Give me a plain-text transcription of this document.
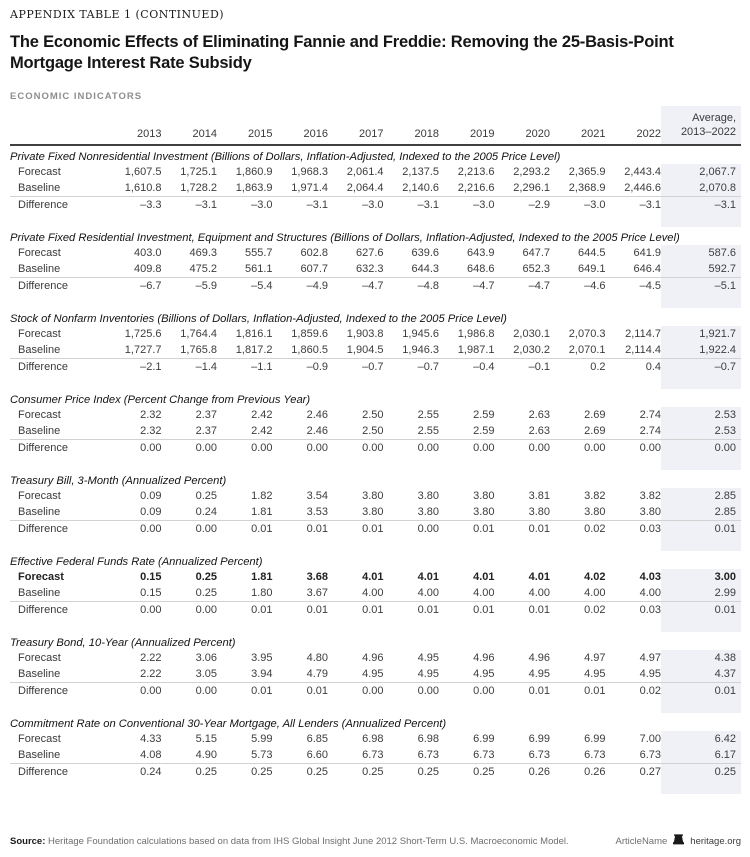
APPENDIX TABLE 1 (CONTINUED)
The Economic Effects of Eliminating Fannie and Freddie: Removing the 25-Basis-Point Mortgage Interest Rate Subsidy
ECONOMIC INDICATORS
	2013	2014	2015	2016	2017	2018	2019	2020	2021	2022	Average,
2013–2022

Private Fixed Nonresidential Investment (Billions of Dollars, Inflation-Adjusted, Indexed to the 2005 Price Level)											
Forecast	1,607.5	1,725.1	1,860.9	1,968.3	2,061.4	2,137.5	2,213.6	2,293.2	2,365.9	2,443.4	2,067.7
Baseline	1,610.8	1,728.2	1,863.9	1,971.4	2,064.4	2,140.6	2,216.6	2,296.1	2,368.9	2,446.6	2,070.8
Difference	–3.3	–3.1	–3.0	–3.1	–3.0	–3.1	–3.0	–2.9	–3.0	–3.1	–3.1

Private Fixed Residential Investment, Equipment and Structures (Billions of Dollars, Inflation-Adjusted, Indexed to the 2005 Price Level)											
Forecast	403.0	469.3	555.7	602.8	627.6	639.6	643.9	647.7	644.5	641.9	587.6
Baseline	409.8	475.2	561.1	607.7	632.3	644.3	648.6	652.3	649.1	646.4	592.7
Difference	–6.7	–5.9	–5.4	–4.9	–4.7	–4.8	–4.7	–4.7	–4.6	–4.5	–5.1

Stock of Nonfarm Inventories (Billions of Dollars, Inflation-Adjusted, Indexed to the 2005 Price Level)											
Forecast	1,725.6	1,764.4	1,816.1	1,859.6	1,903.8	1,945.6	1,986.8	2,030.1	2,070.3	2,114.7	1,921.7
Baseline	1,727.7	1,765.8	1,817.2	1,860.5	1,904.5	1,946.3	1,987.1	2,030.2	2,070.1	2,114.4	1,922.4
Difference	–2.1	–1.4	–1.1	–0.9	–0.7	–0.7	–0.4	–0.1	0.2	0.4	–0.7

Consumer Price Index (Percent Change from Previous Year)											
Forecast	2.32	2.37	2.42	2.46	2.50	2.55	2.59	2.63	2.69	2.74	2.53
Baseline	2.32	2.37	2.42	2.46	2.50	2.55	2.59	2.63	2.69	2.74	2.53
Difference	0.00	0.00	0.00	0.00	0.00	0.00	0.00	0.00	0.00	0.00	0.00

Treasury Bill, 3-Month (Annualized Percent)											
Forecast	0.09	0.25	1.82	3.54	3.80	3.80	3.80	3.81	3.82	3.82	2.85
Baseline	0.09	0.24	1.81	3.53	3.80	3.80	3.80	3.80	3.80	3.80	2.85
Difference	0.00	0.00	0.01	0.01	0.01	0.00	0.01	0.01	0.02	0.03	0.01

Effective Federal Funds Rate (Annualized Percent)											
Forecast	0.15	0.25	1.81	3.68	4.01	4.01	4.01	4.01	4.02	4.03	3.00
Baseline	0.15	0.25	1.80	3.67	4.00	4.00	4.00	4.00	4.00	4.00	2.99
Difference	0.00	0.00	0.01	0.01	0.01	0.01	0.01	0.01	0.02	0.03	0.01

Treasury Bond, 10-Year (Annualized Percent)											
Forecast	2.22	3.06	3.95	4.80	4.96	4.95	4.96	4.96	4.97	4.97	4.38
Baseline	2.22	3.05	3.94	4.79	4.95	4.95	4.95	4.95	4.95	4.95	4.37
Difference	0.00	0.00	0.01	0.01	0.00	0.00	0.00	0.01	0.01	0.02	0.01

Commitment Rate on Conventional 30-Year Mortgage, All Lenders (Annualized Percent)											
Forecast	4.33	5.15	5.99	6.85	6.98	6.98	6.99	6.99	6.99	7.00	6.42
Baseline	4.08	4.90	5.73	6.60	6.73	6.73	6.73	6.73	6.73	6.73	6.17
Difference	0.24	0.25	0.25	0.25	0.25	0.25	0.25	0.26	0.26	0.27	0.25

Source: Heritage Foundation calculations based on data from IHS Global Insight June 2012 Short-Term U.S. Macroeconomic Model.	ArticleName heritage.org
